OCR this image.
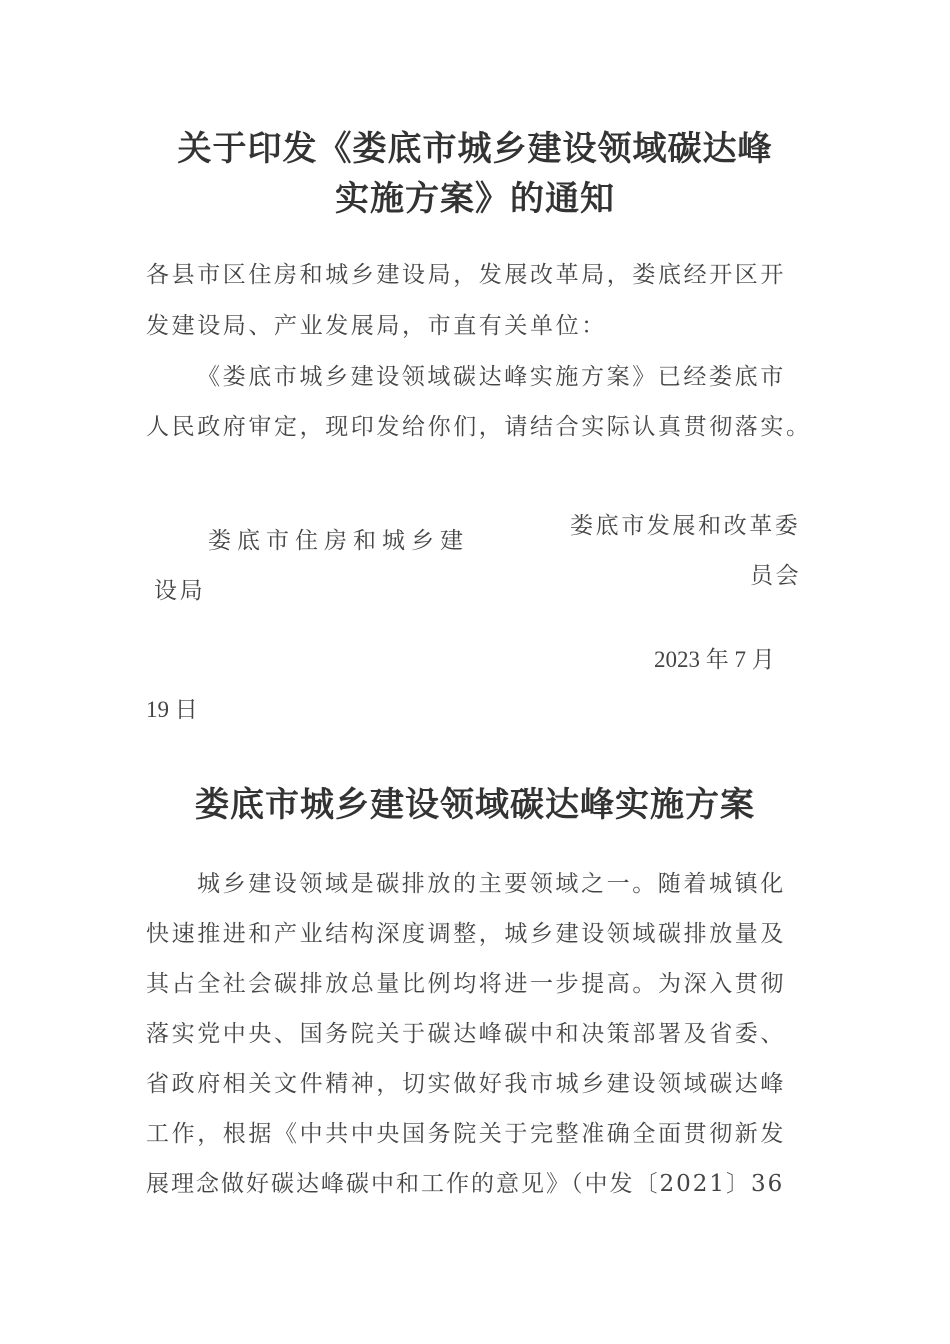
关于印发《娄底市城乡建设领域碳达峰
实施方案》的通知
各县市区住房和城乡建设局，发展改革局，娄底经开区开
发建设局、产业发展局，市直有关单位：
《娄底市城乡建设领域碳达峰实施方案》已经娄底市
人民政府审定，现印发给你们，请结合实际认真贯彻落实。
娄底市住房和城乡建
设局
娄底市发展和改革委
员会
2023 年 7 月
19 日
娄底市城乡建设领域碳达峰实施方案
城乡建设领域是碳排放的主要领域之一。随着城镇化
快速推进和产业结构深度调整，城乡建设领域碳排放量及
其占全社会碳排放总量比例均将进一步提高。为深入贯彻
落实党中央、国务院关于碳达峰碳中和决策部署及省委、
省政府相关文件精神，切实做好我市城乡建设领域碳达峰
工作，根据《中共中央国务院关于完整准确全面贯彻新发
展理念做好碳达峰碳中和工作的意见》（中发〔2021〕36
